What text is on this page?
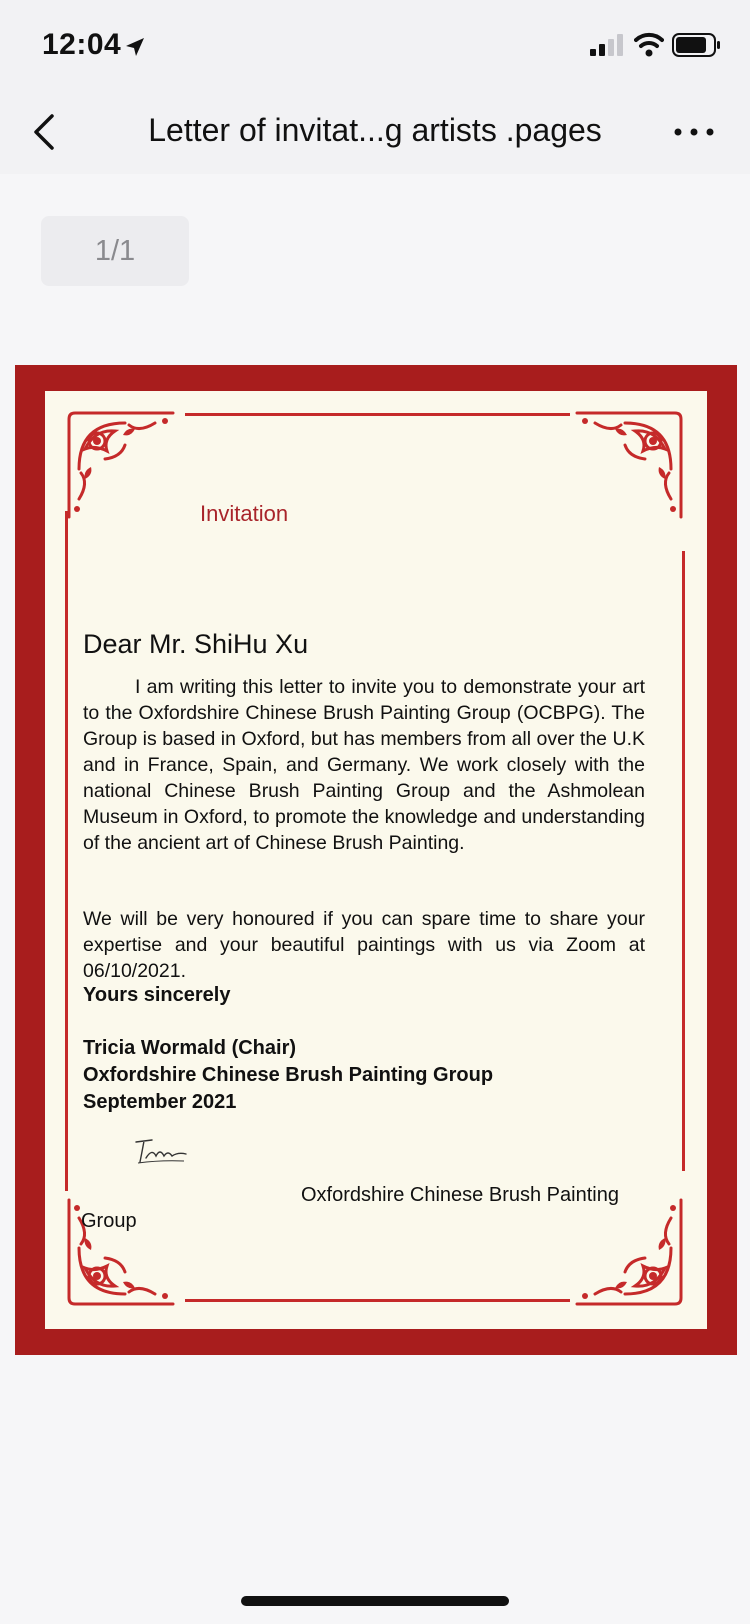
12:04
Letter of invitat...g artists .pages
1/1
Invitation
Dear Mr. ShiHu Xu
I am writing this letter to invite you to demonstrate your art to the Oxfordshire Chinese Brush Painting Group (OCBPG). The Group is based in Oxford, but has members from all over the U.K and in France, Spain, and Germany. We work closely with the national Chinese Brush Painting Group and the Ashmolean Museum in Oxford, to promote the knowledge and understanding of the ancient art of Chinese Brush Painting.
We will be very honoured if you can spare time to share your expertise and your beautiful paintings with us via Zoom at 06/10/2021.
Yours sincerely
Tricia Wormald (Chair)
Oxfordshire Chinese Brush Painting Group
September 2021
Oxfordshire Chinese Brush Painting
Group
